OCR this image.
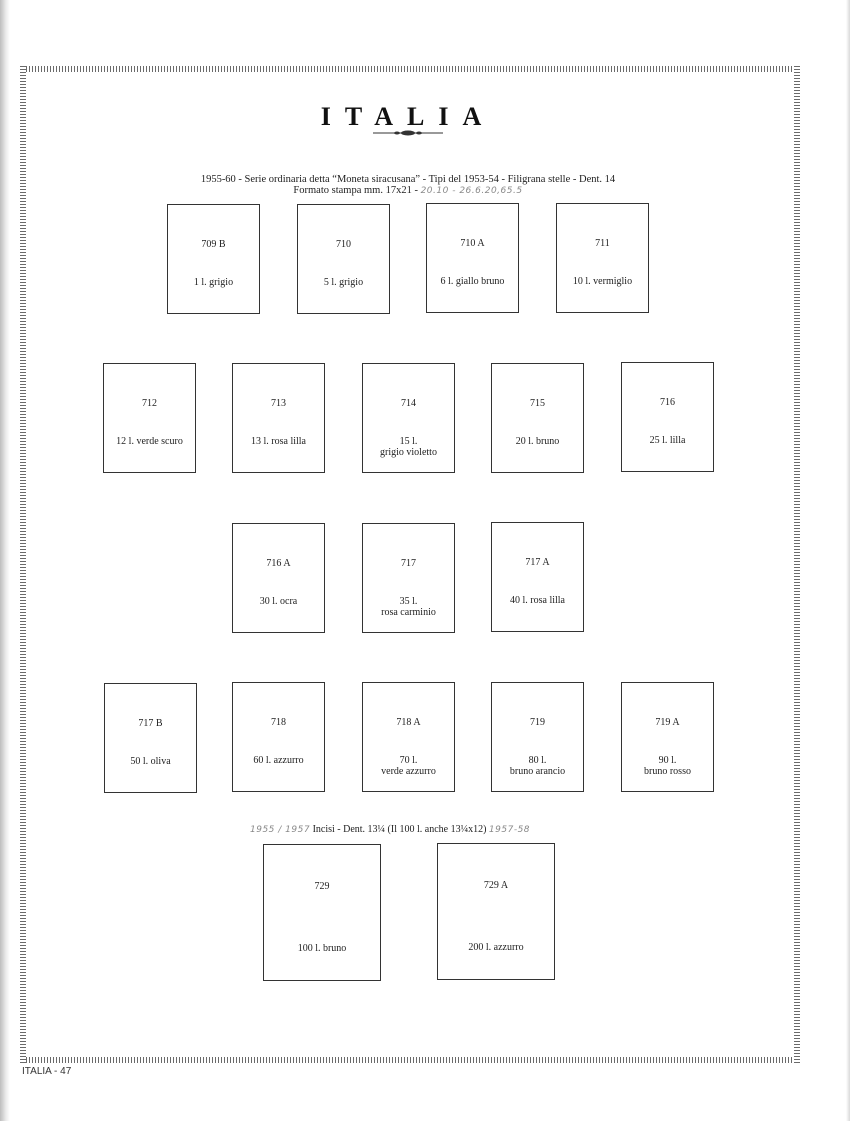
ITALIA
1955-60 - Serie ordinaria detta “Moneta siracusana” - Tipi del 1953-54 - Filigrana stelle - Dent. 14
Formato stampa mm. 17x21 - 20.10 - 26.6.20,65.5
709 B
1 l. grigio
710
5 l. grigio
710 A
6 l. giallo bruno
711
10 l. vermiglio
712
12 l. verde scuro
713
13 l. rosa lilla
714
15 l.
grigio violetto
715
20 l. bruno
716
25 l. lilla
716 A
30 l. ocra
717
35 l.
rosa carminio
717 A
40 l. rosa lilla
717 B
50 l. oliva
718
60 l. azzurro
718 A
70 l.
verde azzurro
719
80 l.
bruno arancio
719 A
90 l.
bruno rosso
1955 / 1957 Incisi - Dent. 13¼ (Il 100 l. anche 13¼x12) 1957-58
729
100 l. bruno
729 A
200 l. azzurro
ITALIA - 47
